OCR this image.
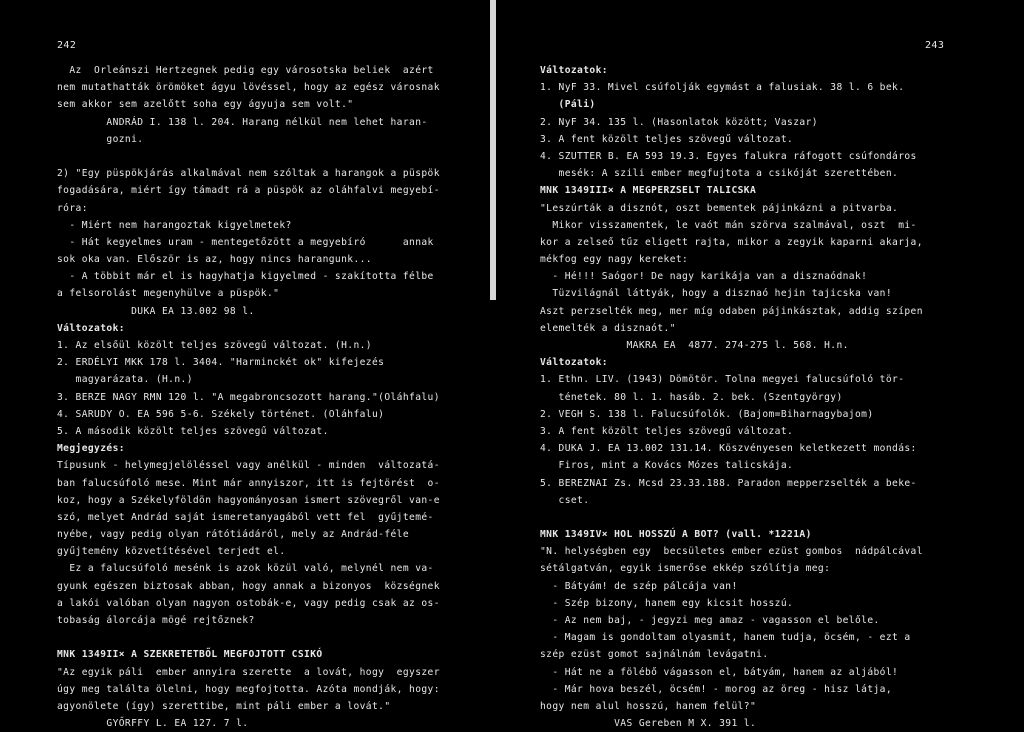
242
Az  Orleánszi Hertzegnek pedig egy városotska beliek  azért
nem mutathatták örömöket ágyu lövéssel, hogy az egész városnak
sem akkor sem azelőtt soha egy ágyuja sem volt."
ANDRÁD I. 138 l. 204. Harang nélkül nem lehet haran-
gozni.
2) "Egy püspökjárás alkalmával nem szóltak a harangok a püspök
fogadására, miért így támadt rá a püspök az oláhfalvi megyebí-
róra:
- Miért nem harangoztak kigyelmetek?
- Hát kegyelmes uram - mentegetőzött a megyebíró      annak
sok oka van. Először is az, hogy nincs harangunk...
- A többit már el is hagyhatja kigyelmed - szakította félbe
a felsorolást megenyhülve a püspök."
DUKA EA 13.002 98 l.
Változatok:
1. Az elsőül közölt teljes szövegű változat. (H.n.)
2. ERDÉLYI MKK 178 l. 3404. "Harminckét ok" kifejezés
magyarázata. (H.n.)
3. BERZE NAGY RMN 120 l. "A megabroncsozott harang."(Oláhfalu)
4. SARUDY O. EA 596 5-6. Székely történet. (Oláhfalu)
5. A második közölt teljes szövegű változat.
Megjegyzés:
Típusunk - helymegjelöléssel vagy anélkül - minden  változatá-
ban falucsúfoló mese. Mint már annyiszor, itt is fejtörést  o-
koz, hogy a Székelyföldön hagyományosan ismert szövegről van-e
szó, melyet Andrád saját ismeretanyagából vett fel  gyűjtemé-
nyébe, vagy pedig olyan rátótiádáról, mely az Andrád-féle
gyűjtemény közvetítésével terjedt el.
Ez a falucsúfoló mesénk is azok közül való, melynél nem va-
gyunk egészen biztosak abban, hogy annak a bizonyos  községnek
a lakói valóban olyan nagyon ostobák-e, vagy pedig csak az os-
tobaság álorcája mögé rejtőznek?
MNK 1349II× A SZEKRETETBŐL MEGFOJTOTT CSIKÓ
"Az egyik páli  ember annyira szerette  a lovát, hogy  egyszer
úgy meg találta ölelni, hogy megfojtotta. Azóta mondják, hogy:
agyonölete (így) szerettibe, mint páli ember a lovát."
GYŐRFFY L. EA 127. 7 l.
243
Változatok:
1. NyF 33. Mivel csúfolják egymást a falusiak. 38 l. 6 bek.
(Páli)
2. NyF 34. 135 l. (Hasonlatok között; Vaszar)
3. A fent közölt teljes szövegű változat.
4. SZUTTER B. EA 593 19.3. Egyes falukra ráfogott csúfondáros
mesék: A szili ember megfujtota a csikóját szerettében.
MNK 1349III× A MEGPERZSELT TALICSKA
"Leszúrták a disznót, oszt bementek pájinkázni a pitvarba.
Mikor visszamentek, le vaót mán szörva szalmával, oszt  mi-
kor a zelseő tűz eligett rajta, mikor a zegyik kaparni akarja,
mékfog egy nagy kereket:
- Hé!!! Saógor! De nagy karikája van a disznaódnak!
Tüzvilágnál láttyák, hogy a disznaó hejin tajicska van!
Aszt perzselték meg, mer míg odaben pájinkásztak, addig szípen
elemelték a disznaót."
MAKRA EA  4877. 274-275 l. 568. H.n.
Változatok:
1. Ethn. LIV. (1943) Dömötör. Tolna megyei falucsúfoló tör-
ténetek. 80 l. 1. hasáb. 2. bek. (Szentgyörgy)
2. VEGH S. 138 l. Falucsúfolók. (Bajom=Biharnagybajom)
3. A fent közölt teljes szövegű változat.
4. DUKA J. EA 13.002 131.14. Köszvényesen keletkezett mondás:
Firos, mint a Kovács Mózes talicskája.
5. BEREZNAI Zs. Mcsd 23.33.188. Paradon mepperzselték a beke-
cset.
MNK 1349IV× HOL HOSSZÚ A BOT? (vall. *1221A)
"N. helységben egy  becsületes ember ezüst gombos  nádpálcával
sétálgatván, egyik ismerőse ekkép szólítja meg:
- Bátyám! de szép pálcája van!
- Szép bizony, hanem egy kicsit hosszú.
- Az nem baj, - jegyzi meg amaz - vagasson el belőle.
- Magam is gondoltam olyasmit, hanem tudja, öcsém, - ezt a
szép ezüst gomot sajnálnám levágatni.
- Hát ne a fölébő vágasson el, bátyám, hanem az aljából!
- Már hova beszél, öcsém! - morog az öreg - hisz látja,
hogy nem alul hosszú, hanem felül?"
VAS Gereben M X. 391 l.
